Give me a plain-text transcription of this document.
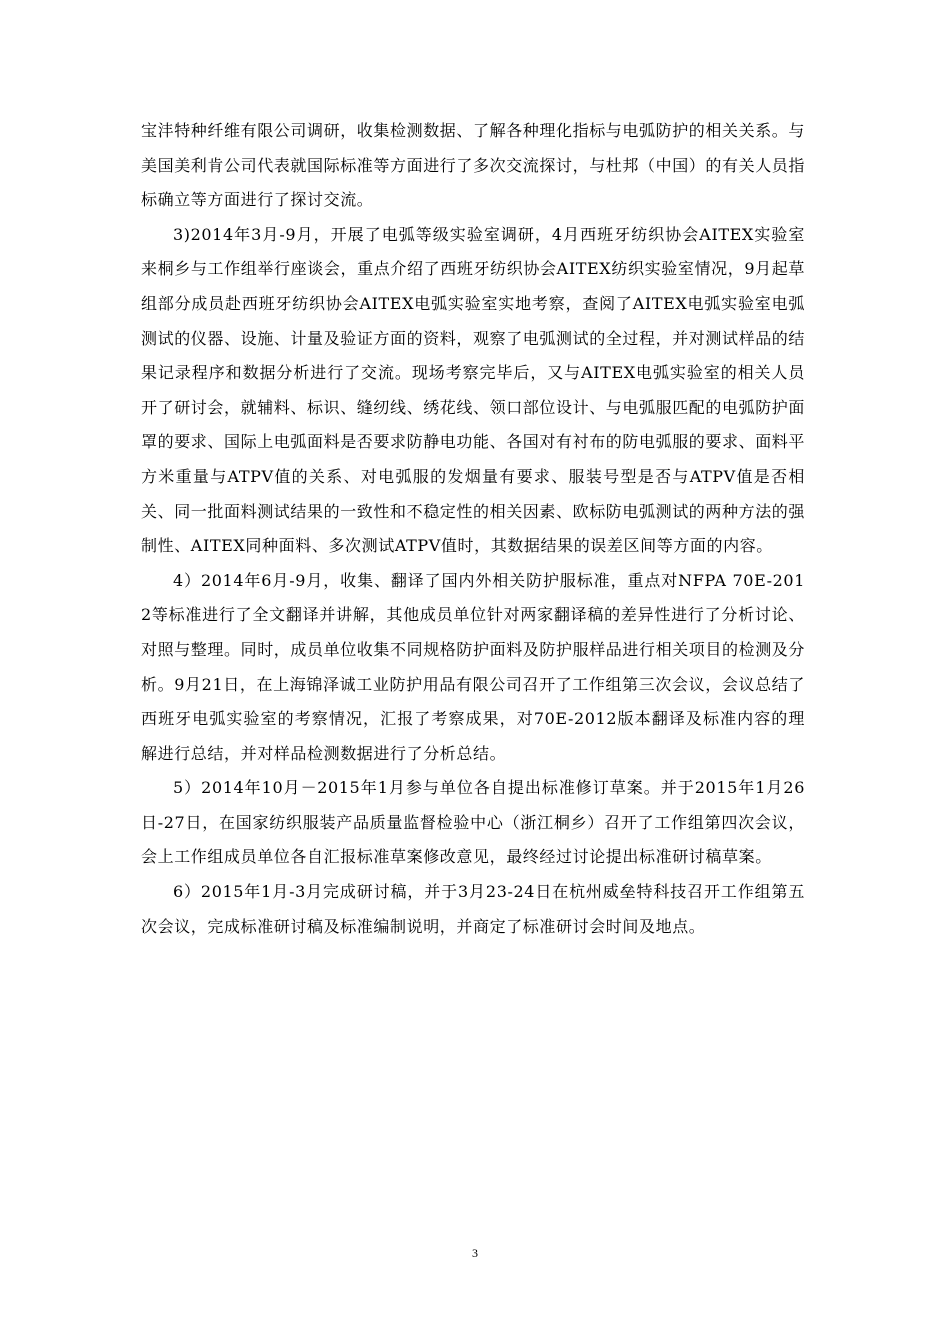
宝沣特种纤维有限公司调研，收集检测数据、了解各种理化指标与电弧防护的相关关系。与美国美利肯公司代表就国际标准等方面进行了多次交流探讨，与杜邦（中国）的有关人员指标确立等方面进行了探讨交流。

3)2014年3月-9月，开展了电弧等级实验室调研，4月西班牙纺织协会AITEX实验室来桐乡与工作组举行座谈会，重点介绍了西班牙纺织协会AITEX纺织实验室情况，9月起草组部分成员赴西班牙纺织协会AITEX电弧实验室实地考察，查阅了AITEX电弧实验室电弧测试的仪器、设施、计量及验证方面的资料，观察了电弧测试的全过程，并对测试样品的结果记录程序和数据分析进行了交流。现场考察完毕后，又与AITEX电弧实验室的相关人员开了研讨会，就辅料、标识、缝纫线、绣花线、领口部位设计、与电弧服匹配的电弧防护面罩的要求、国际上电弧面料是否要求防静电功能、各国对有衬布的防电弧服的要求、面料平方米重量与ATPV值的关系、对电弧服的发烟量有要求、服装号型是否与ATPV值是否相关、同一批面料测试结果的一致性和不稳定性的相关因素、欧标防电弧测试的两种方法的强制性、AITEX同种面料、多次测试ATPV值时，其数据结果的误差区间等方面的内容。

4）2014年6月-9月，收集、翻译了国内外相关防护服标准，重点对NFPA 70E-2012等标准进行了全文翻译并讲解，其他成员单位针对两家翻译稿的差异性进行了分析讨论、对照与整理。同时，成员单位收集不同规格防护面料及防护服样品进行相关项目的检测及分析。9月21日，在上海锦泽诚工业防护用品有限公司召开了工作组第三次会议，会议总结了西班牙电弧实验室的考察情况，汇报了考察成果，对70E-2012版本翻译及标准内容的理解进行总结，并对样品检测数据进行了分析总结。

5）2014年10月－2015年1月参与单位各自提出标准修订草案。并于2015年1月26日-27日，在国家纺织服装产品质量监督检验中心（浙江桐乡）召开了工作组第四次会议，会上工作组成员单位各自汇报标准草案修改意见，最终经过讨论提出标准研讨稿草案。

6）2015年1月-3月完成研讨稿，并于3月23-24日在杭州威垒特科技召开工作组第五次会议，完成标准研讨稿及标准编制说明，并商定了标准研讨会时间及地点。

3
